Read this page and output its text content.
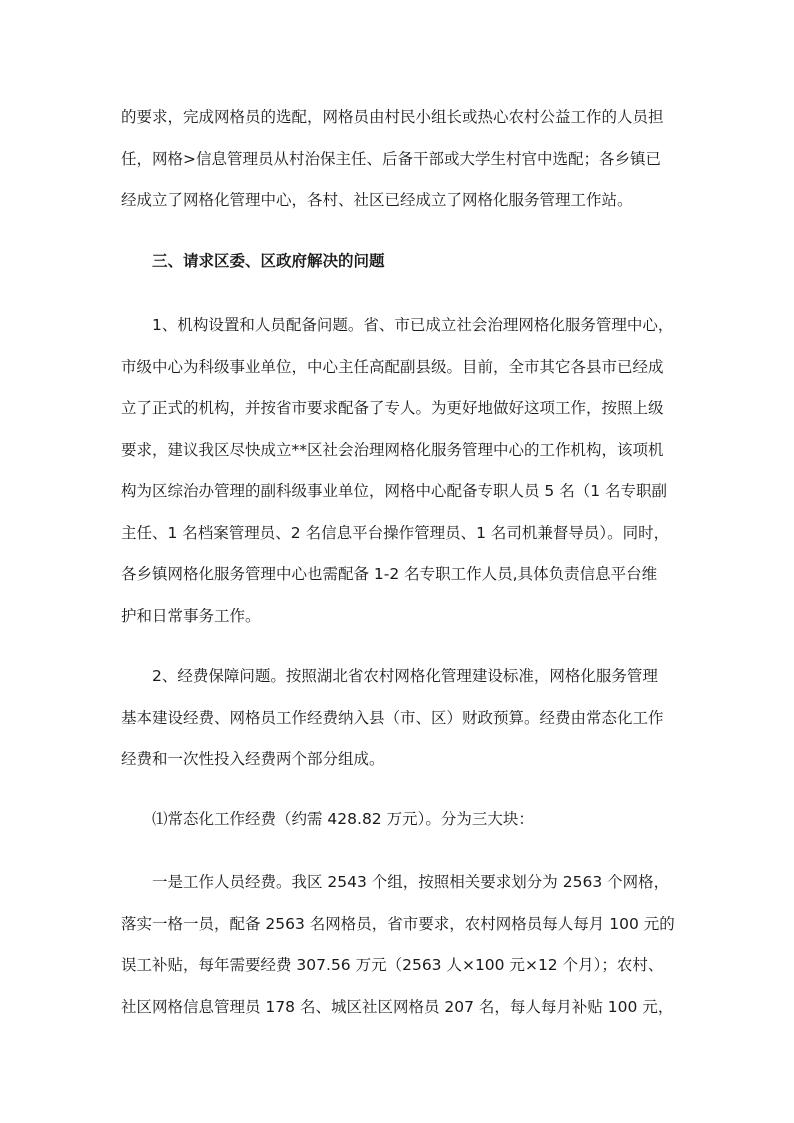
的要求，完成网格员的选配，网格员由村民小组长或热心农村公益工作的人员担
任，网格>信息管理员从村治保主任、后备干部或大学生村官中选配；各乡镇已
经成立了网格化管理中心，各村、社区已经成立了网格化服务管理工作站。
三、请求区委、区政府解决的问题
1、机构设置和人员配备问题。省、市已成立社会治理网格化服务管理中心，
市级中心为科级事业单位，中心主任高配副县级。目前，全市其它各县市已经成
立了正式的机构，并按省市要求配备了专人。为更好地做好这项工作，按照上级
要求，建议我区尽快成立**区社会治理网格化服务管理中心的工作机构，该项机
构为区综治办管理的副科级事业单位，网格中心配备专职人员 5 名（1 名专职副
主任、1 名档案管理员、2 名信息平台操作管理员、1 名司机兼督导员）。同时，
各乡镇网格化服务管理中心也需配备 1-2 名专职工作人员,具体负责信息平台维
护和日常事务工作。
2、经费保障问题。按照湖北省农村网格化管理建设标准，网格化服务管理
基本建设经费、网格员工作经费纳入县（市、区）财政预算。经费由常态化工作
经费和一次性投入经费两个部分组成。
⑴常态化工作经费（约需 428.82 万元）。分为三大块：
一是工作人员经费。我区 2543 个组，按照相关要求划分为 2563 个网格，
落实一格一员，配备 2563 名网格员，省市要求，农村网格员每人每月 100 元的
误工补贴，每年需要经费 307.56 万元（2563 人×100 元×12 个月）；农村、
社区网格信息管理员 178 名、城区社区网格员 207 名，每人每月补贴 100 元，
